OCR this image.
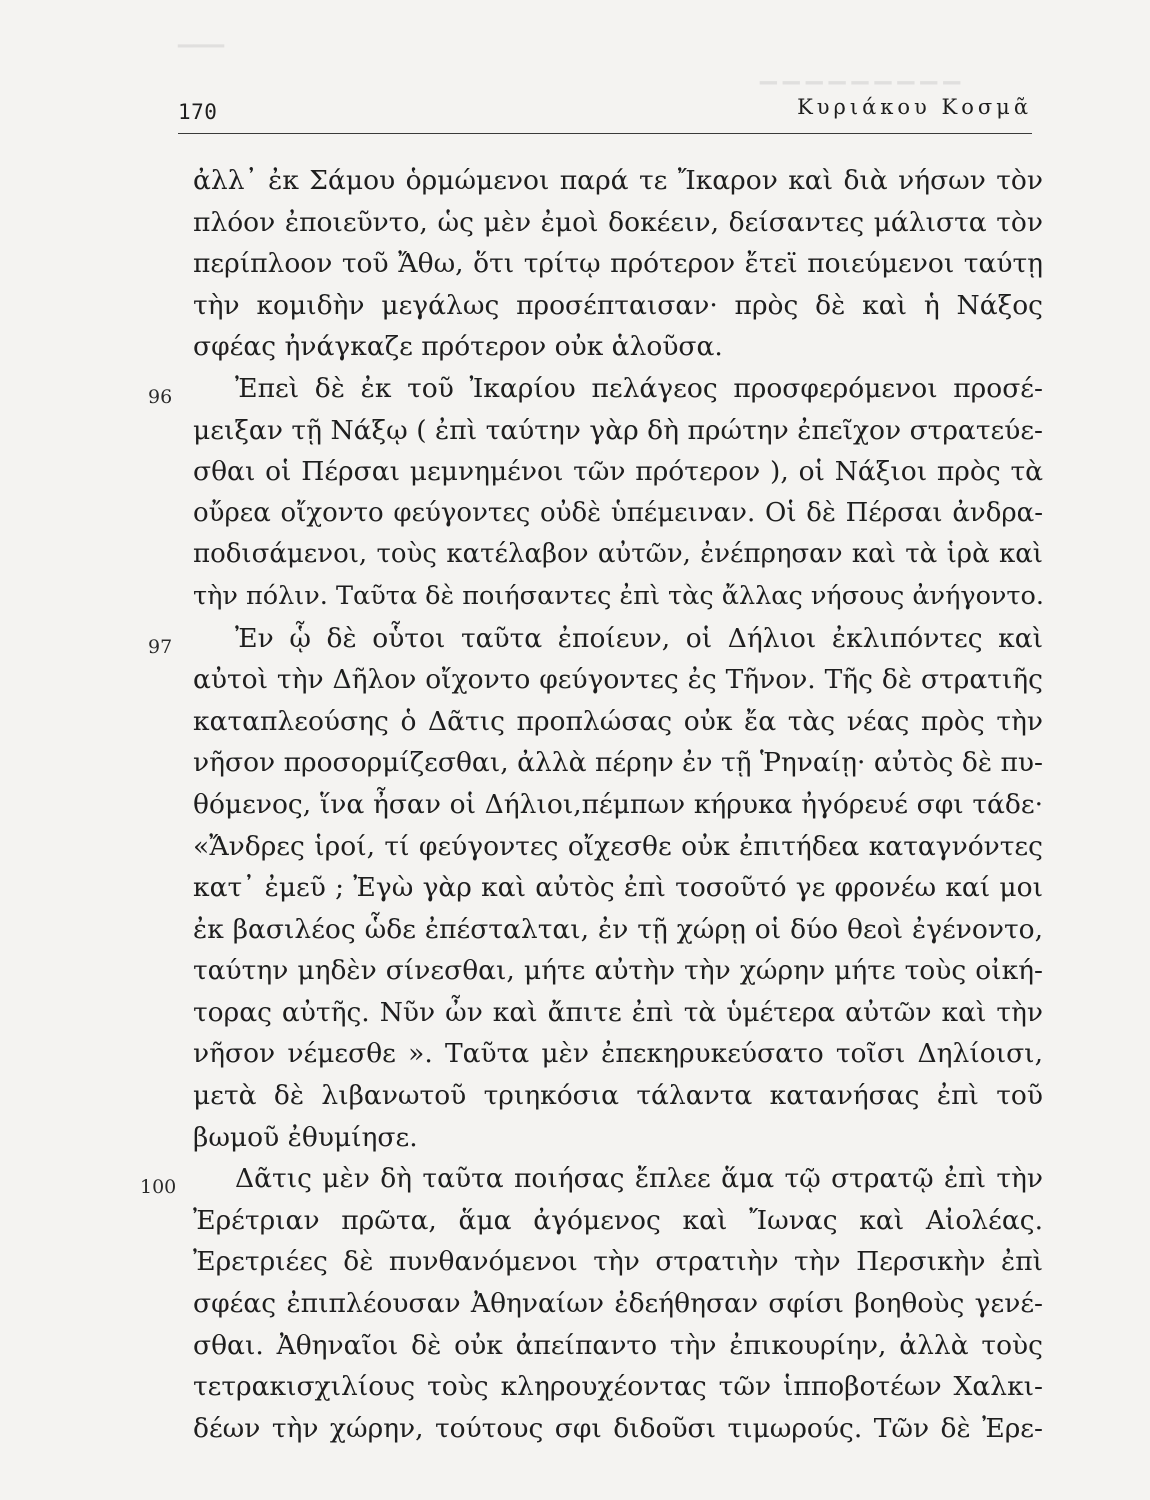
▔▔▔
▁▁▁▁▁▁▁▁▁
170	Κυριάκου Κοσμᾶ
ἀλλ᾽ ἐκ Σάμου ὁρμώμενοι παρά τε Ἴκαρον καὶ διὰ νήσων τὸν
πλόον ἐποιεῦντο, ὡς μὲν ἐμοὶ δοκέειν, δείσαντες μάλιστα τὸν
περίπλοον τοῦ Ἄθω, ὅτι τρίτῳ πρότερον ἔτεϊ ποιεύμενοι ταύτῃ
τὴν κομιδὴν μεγάλως προσέπταισαν· πρὸς δὲ καὶ ἡ Νάξος
σφέας ἠνάγκαζε πρότερον οὐκ ἁλοῦσα.
Ἐπεὶ δὲ ἐκ τοῦ Ἰκαρίου πελάγεος προσφερόμενοι προσέ-
μειξαν τῇ Νάξῳ ( ἐπὶ ταύτην γὰρ δὴ πρώτην ἐπεῖχον στρατεύε-
σθαι οἱ Πέρσαι μεμνημένοι τῶν πρότερον ), οἱ Νάξιοι πρὸς τὰ
οὔρεα οἴχοντο φεύγοντες οὐδὲ ὑπέμειναν. Οἱ δὲ Πέρσαι ἀνδρα-
ποδισάμενοι, τοὺς κατέλαβον αὐτῶν, ἐνέπρησαν καὶ τὰ ἱρὰ καὶ
τὴν πόλιν. Ταῦτα δὲ ποιήσαντες ἐπὶ τὰς ἄλλας νήσους ἀνήγοντο.
Ἐν ᾧ δὲ οὗτοι ταῦτα ἐποίευν, οἱ Δήλιοι ἐκλιπόντες καὶ
αὐτοὶ τὴν Δῆλον οἴχοντο φεύγοντες ἐς Τῆνον. Τῆς δὲ στρατιῆς
καταπλεούσης ὁ Δᾶτις προπλώσας οὐκ ἔα τὰς νέας πρὸς τὴν
νῆσον προσορμίζεσθαι, ἀλλὰ πέρην ἐν τῇ Ῥηναίῃ· αὐτὸς δὲ πυ-
θόμενος, ἵνα ἦσαν οἱ Δήλιοι,πέμπων κήρυκα ἠγόρευέ σφι τάδε·
«Ἄνδρες ἱροί, τί φεύγοντες οἴχεσθε οὐκ ἐπιτήδεα καταγνόντες
κατ᾽ ἐμεῦ ; Ἐγὼ γὰρ καὶ αὐτὸς ἐπὶ τοσοῦτό γε φρονέω καί μοι
ἐκ βασιλέος ὧδε ἐπέσταλται, ἐν τῇ χώρῃ οἱ δύο θεοὶ ἐγένοντο,
ταύτην μηδὲν σίνεσθαι, μήτε αὐτὴν τὴν χώρην μήτε τοὺς οἰκή-
τορας αὐτῆς. Νῦν ὦν καὶ ἄπιτε ἐπὶ τὰ ὑμέτερα αὐτῶν καὶ τὴν
νῆσον νέμεσθε ». Ταῦτα μὲν ἐπεκηρυκεύσατο τοῖσι Δηλίοισι,
μετὰ δὲ λιβανωτοῦ τριηκόσια τάλαντα κατανήσας ἐπὶ τοῦ
βωμοῦ ἐθυμίησε.
Δᾶτις μὲν δὴ ταῦτα ποιήσας ἔπλεε ἅμα τῷ στρατῷ ἐπὶ τὴν
Ἐρέτριαν πρῶτα, ἅμα ἀγόμενος καὶ Ἴωνας καὶ Αἰολέας.
Ἐρετριέες δὲ πυνθανόμενοι τὴν στρατιὴν τὴν Περσικὴν ἐπὶ
σφέας ἐπιπλέουσαν Ἀθηναίων ἐδεήθησαν σφίσι βοηθοὺς γενέ-
σθαι. Ἀθηναῖοι δὲ οὐκ ἀπείπαντο τὴν ἐπικουρίην, ἀλλὰ τοὺς
τετρακισχιλίους τοὺς κληρουχέοντας τῶν ἱπποβοτέων Χαλκι-
δέων τὴν χώρην, τούτους σφι διδοῦσι τιμωρούς. Τῶν δὲ Ἐρε-
96
97
100
